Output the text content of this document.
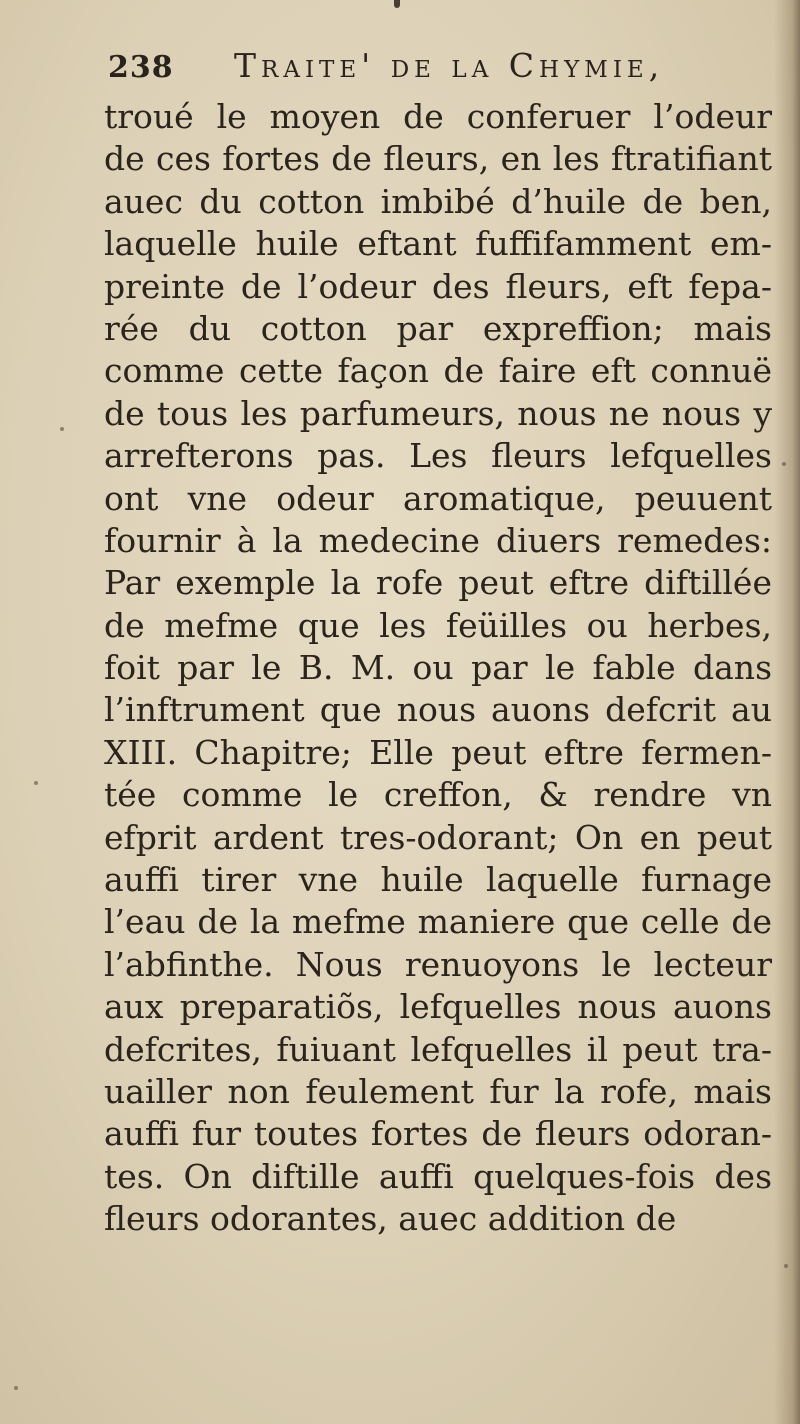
238 Traite' de la Chymie,
troué le moyen de conferuer l’odeur
de ces fortes de fleurs, en les ftratifiant
auec du cotton imbibé d’huile de ben,
laquelle huile eftant fuffifamment em-
preinte de l’odeur des fleurs, eft fepa-
rée du cotton par expreffion; mais
comme cette façon de faire eft connuë
de tous les parfumeurs, nous ne nous y
arrefterons pas. Les fleurs lefquelles
ont vne odeur aromatique, peuuent
fournir à la medecine diuers remedes:
Par exemple la rofe peut eftre diftillée
de mefme que les feüilles ou herbes,
foit par le B. M. ou par le fable dans
l’inftrument que nous auons defcrit au
XIII. Chapitre; Elle peut eftre fermen-
tée comme le creffon, & rendre vn
efprit ardent tres-odorant; On en peut
auffi tirer vne huile laquelle furnage
l’eau de la mefme maniere que celle de
l’abfinthe. Nous renuoyons le lecteur
aux preparatiõs, lefquelles nous auons
defcrites, fuiuant lefquelles il peut tra-
uailler non feulement fur la rofe, mais
auffi fur toutes fortes de fleurs odoran-
tes. On diftille auffi quelques-fois des
fleurs odorantes, auec addition de
